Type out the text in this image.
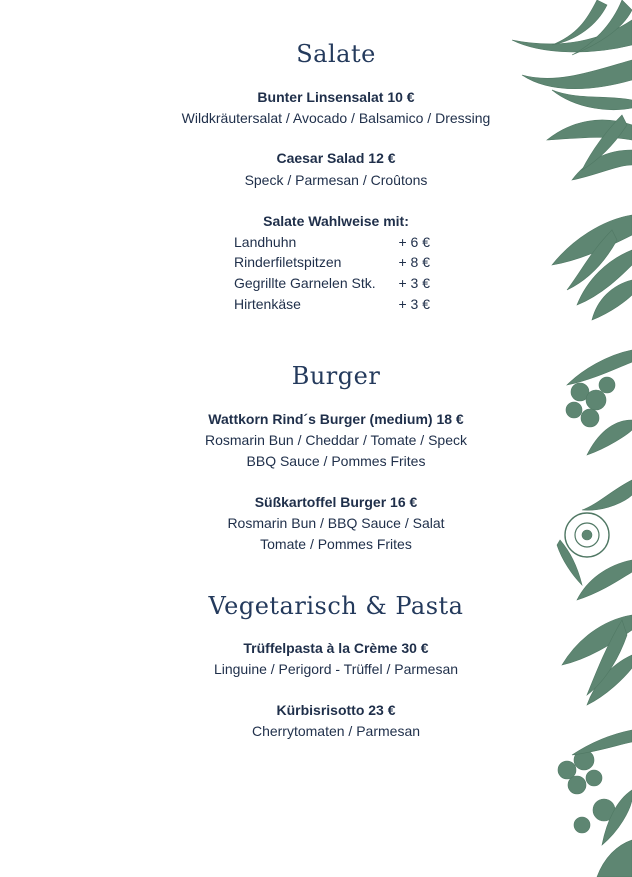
Salate
Bunter Linsensalat 10 €
Wildkräutersalat / Avocado / Balsamico / Dressing
Caesar Salad 12 €
Speck / Parmesan / Croûtons
Salate Wahlweise mit:
Landhuhn	+ 6 €
Rinderfiletspitzen	+ 8 €
Gegrillte Garnelen Stk. + 3 €
Hirtenkäse	+ 3 €
Burger
Wattkorn Rind´s Burger (medium) 18 €
Rosmarin Bun / Cheddar / Tomate / Speck
BBQ Sauce / Pommes Frites
Süßkartoffel Burger 16 €
Rosmarin Bun / BBQ Sauce / Salat
Tomate / Pommes Frites
Vegetarisch & Pasta
Trüffelpasta à la Crème 30 €
Linguine / Perigord - Trüffel / Parmesan
Kürbisrisotto 23 €
Cherrytomaten / Parmesan
